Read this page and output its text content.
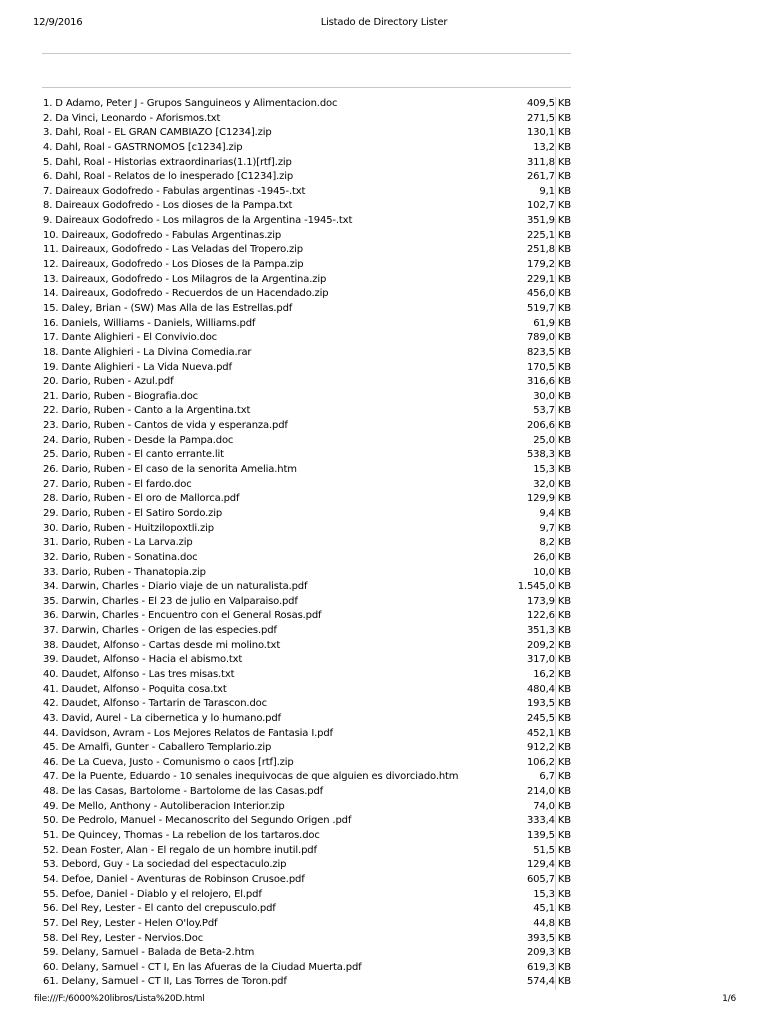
12/9/2016	Listado de Directory Lister
1. D Adamo, Peter J - Grupos Sanguineos y Alimentacion.doc	409,5 KB
2. Da Vinci, Leonardo - Aforismos.txt	271,5 KB
3. Dahl, Roal - EL GRAN CAMBIAZO [C1234].zip	130,1 KB
4. Dahl, Roal - GASTRNOMOS [c1234].zip	13,2 KB
5. Dahl, Roal - Historias extraordinarias(1.1)[rtf].zip	311,8 KB
6. Dahl, Roal - Relatos de lo inesperado [C1234].zip	261,7 KB
7. Daireaux Godofredo - Fabulas argentinas -1945-.txt	9,1 KB
8. Daireaux Godofredo - Los dioses de la Pampa.txt	102,7 KB
9. Daireaux Godofredo - Los milagros de la Argentina -1945-.txt	351,9 KB
10. Daireaux, Godofredo - Fabulas Argentinas.zip	225,1 KB
11. Daireaux, Godofredo - Las Veladas del Tropero.zip	251,8 KB
12. Daireaux, Godofredo - Los Dioses de la Pampa.zip	179,2 KB
13. Daireaux, Godofredo - Los Milagros de la Argentina.zip	229,1 KB
14. Daireaux, Godofredo - Recuerdos de un Hacendado.zip	456,0 KB
15. Daley, Brian - (SW) Mas Alla de las Estrellas.pdf	519,7 KB
16. Daniels, Williams - Daniels, Williams.pdf	61,9 KB
17. Dante Alighieri - El Convivio.doc	789,0 KB
18. Dante Alighieri - La Divina Comedia.rar	823,5 KB
19. Dante Alighieri - La Vida Nueva.pdf	170,5 KB
20. Dario, Ruben - Azul.pdf	316,6 KB
21. Dario, Ruben - Biografia.doc	30,0 KB
22. Dario, Ruben - Canto a la Argentina.txt	53,7 KB
23. Dario, Ruben - Cantos de vida y esperanza.pdf	206,6 KB
24. Dario, Ruben - Desde la Pampa.doc	25,0 KB
25. Dario, Ruben - El canto errante.lit	538,3 KB
26. Dario, Ruben - El caso de la senorita Amelia.htm	15,3 KB
27. Dario, Ruben - El fardo.doc	32,0 KB
28. Dario, Ruben - El oro de Mallorca.pdf	129,9 KB
29. Dario, Ruben - El Satiro Sordo.zip	9,4 KB
30. Dario, Ruben - Huitzilopoxtli.zip	9,7 KB
31. Dario, Ruben - La Larva.zip	8,2 KB
32. Dario, Ruben - Sonatina.doc	26,0 KB
33. Dario, Ruben - Thanatopia.zip	10,0 KB
34. Darwin, Charles - Diario viaje de un naturalista.pdf	1.545,0 KB
35. Darwin, Charles - El 23 de julio en Valparaiso.pdf	173,9 KB
36. Darwin, Charles - Encuentro con el General Rosas.pdf	122,6 KB
37. Darwin, Charles - Origen de las especies.pdf	351,3 KB
38. Daudet, Alfonso - Cartas desde mi molino.txt	209,2 KB
39. Daudet, Alfonso - Hacia el abismo.txt	317,0 KB
40. Daudet, Alfonso - Las tres misas.txt	16,2 KB
41. Daudet, Alfonso - Poquita cosa.txt	480,4 KB
42. Daudet, Alfonso - Tartarin de Tarascon.doc	193,5 KB
43. David, Aurel - La cibernetica y lo humano.pdf	245,5 KB
44. Davidson, Avram - Los Mejores Relatos de Fantasia I.pdf	452,1 KB
45. De Amalfi, Gunter - Caballero Templario.zip	912,2 KB
46. De La Cueva, Justo - Comunismo o caos [rtf].zip	106,2 KB
47. De la Puente, Eduardo - 10 senales inequivocas de que alguien es divorciado.htm	6,7 KB
48. De las Casas, Bartolome - Bartolome de las Casas.pdf	214,0 KB
49. De Mello, Anthony - Autoliberacion Interior.zip	74,0 KB
50. De Pedrolo, Manuel - Mecanoscrito del Segundo Origen .pdf	333,4 KB
51. De Quincey, Thomas - La rebelion de los tartaros.doc	139,5 KB
52. Dean Foster, Alan - El regalo de un hombre inutil.pdf	51,5 KB
53. Debord, Guy - La sociedad del espectaculo.zip	129,4 KB
54. Defoe, Daniel - Aventuras de Robinson Crusoe.pdf	605,7 KB
55. Defoe, Daniel - Diablo y el relojero, El.pdf	15,3 KB
56. Del Rey, Lester - El canto del crepusculo.pdf	45,1 KB
57. Del Rey, Lester - Helen O'loy.Pdf	44,8 KB
58. Del Rey, Lester - Nervios.Doc	393,5 KB
59. Delany, Samuel - Balada de Beta-2.htm	209,3 KB
60. Delany, Samuel - CT I, En las Afueras de la Ciudad Muerta.pdf	619,3 KB
61. Delany, Samuel - CT II, Las Torres de Toron.pdf	574,4 KB
file:///F:/6000%20libros/Lista%20D.html	1/6
